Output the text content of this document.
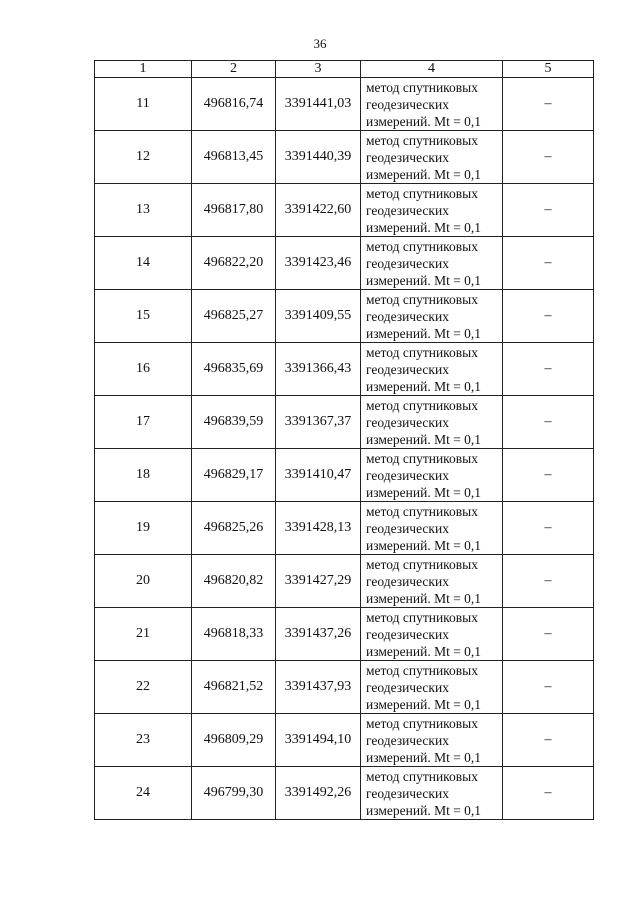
36
1	2	3	4	5
11	496816,74	3391441,03	метод спутниковых
геодезических
измерений. Mt = 0,1	–
12	496813,45	3391440,39	метод спутниковых
геодезических
измерений. Mt = 0,1	–
13	496817,80	3391422,60	метод спутниковых
геодезических
измерений. Mt = 0,1	–
14	496822,20	3391423,46	метод спутниковых
геодезических
измерений. Mt = 0,1	–
15	496825,27	3391409,55	метод спутниковых
геодезических
измерений. Mt = 0,1	–
16	496835,69	3391366,43	метод спутниковых
геодезических
измерений. Mt = 0,1	–
17	496839,59	3391367,37	метод спутниковых
геодезических
измерений. Mt = 0,1	–
18	496829,17	3391410,47	метод спутниковых
геодезических
измерений. Mt = 0,1	–
19	496825,26	3391428,13	метод спутниковых
геодезических
измерений. Mt = 0,1	–
20	496820,82	3391427,29	метод спутниковых
геодезических
измерений. Mt = 0,1	–
21	496818,33	3391437,26	метод спутниковых
геодезических
измерений. Mt = 0,1	–
22	496821,52	3391437,93	метод спутниковых
геодезических
измерений. Mt = 0,1	–
23	496809,29	3391494,10	метод спутниковых
геодезических
измерений. Mt = 0,1	–
24	496799,30	3391492,26	метод спутниковых
геодезических
измерений. Mt = 0,1	–
